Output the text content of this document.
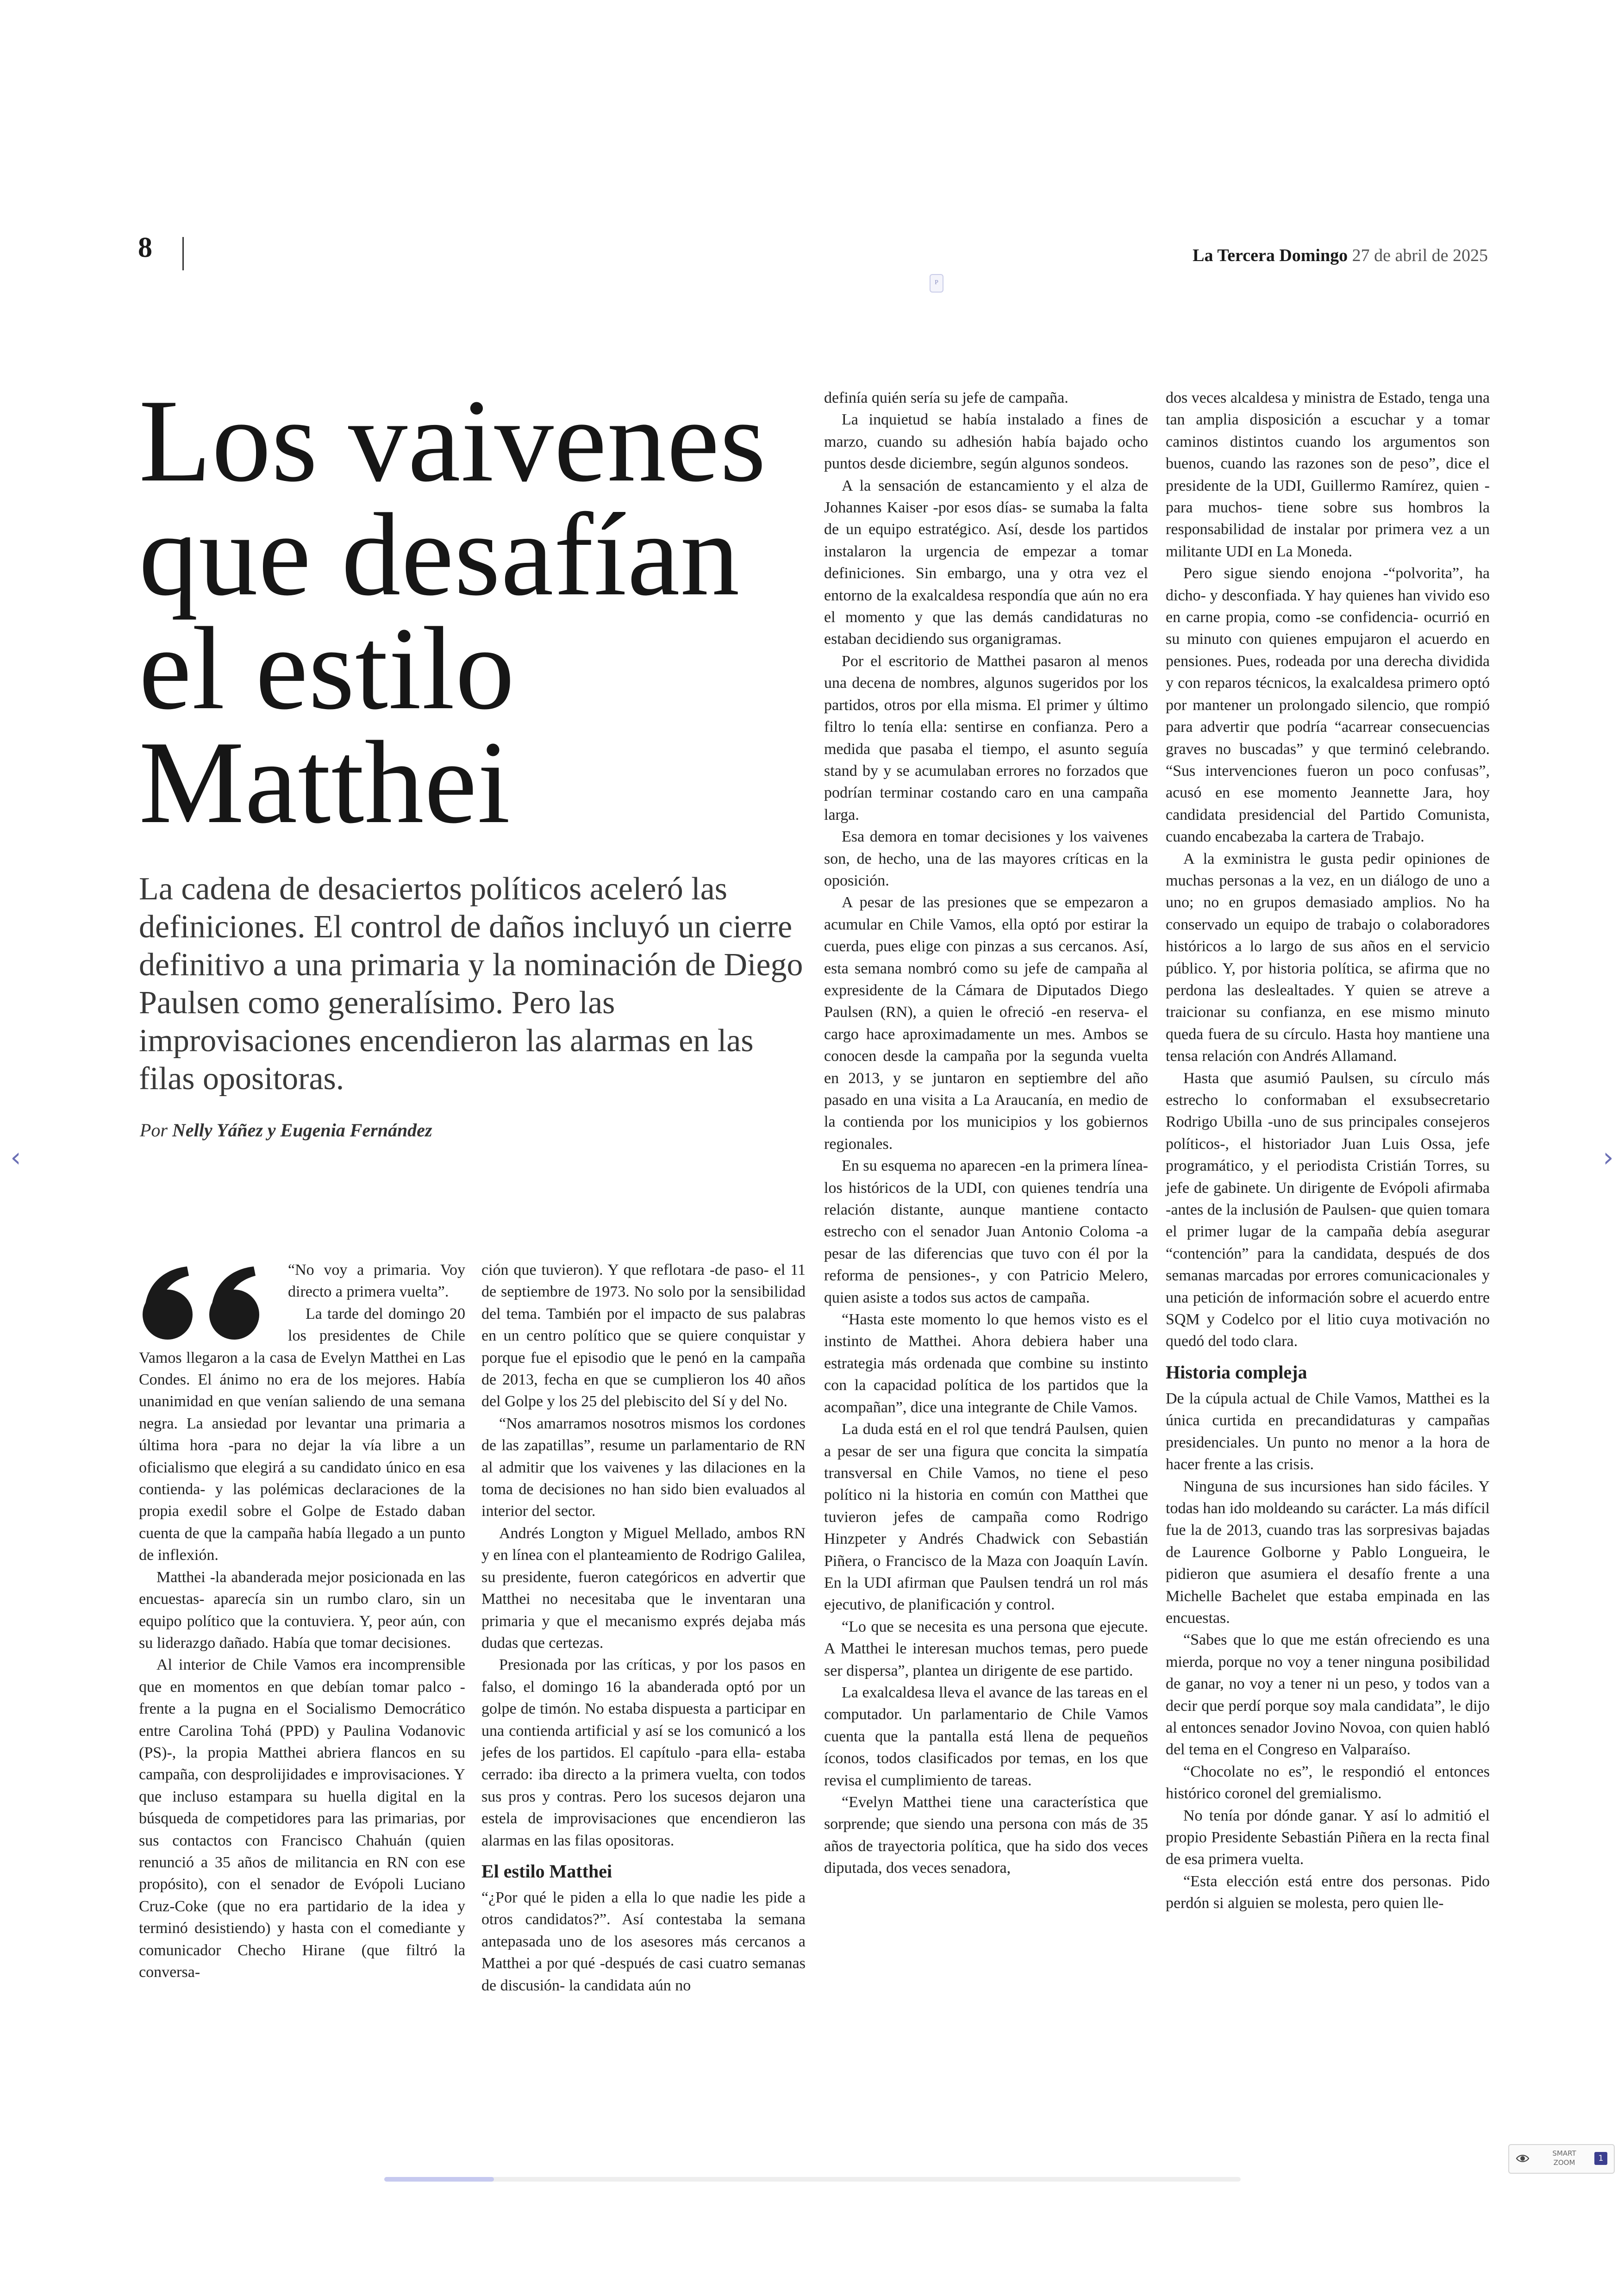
8	La Tercera Domingo 27 de abril de 2025
P
Los vaivenes que desafían el estilo Matthei

La cadena de desaciertos políticos aceleró las definiciones. El control de daños incluyó un cierre definitivo a una primaria y la nominación de Diego Paulsen como generalísimo. Pero las improvisaciones encendieron las alarmas en las filas opositoras.

Por Nelly Yáñez y Eugenia Fernández

“No voy a primaria. Voy directo a primera vuelta”.

La tarde del domingo 20 los presidentes de Chile Vamos llegaron a la casa de Evelyn Matthei en Las Condes. El ánimo no era de los mejores. Había unanimidad en que venían saliendo de una semana negra. La ansiedad por levantar una primaria a última hora -para no dejar la vía libre a un oficialismo que elegirá a su candidato único en esa contienda- y las polémicas declaraciones de la propia exedil sobre el Golpe de Estado daban cuenta de que la campaña había llegado a un punto de inflexión.

Matthei -la abanderada mejor posicionada en las encuestas- aparecía sin un rumbo claro, sin un equipo político que la contuviera. Y, peor aún, con su liderazgo dañado. Había que tomar decisiones.

Al interior de Chile Vamos era incomprensible que en momentos en que debían tomar palco -frente a la pugna en el Socialismo Democrático entre Carolina Tohá (PPD) y Paulina Vodanovic (PS)-, la propia Matthei abriera flancos en su campaña, con desprolijidades e improvisaciones. Y que incluso estampara su huella digital en la búsqueda de competidores para las primarias, por sus contactos con Francisco Chahuán (quien renunció a 35 años de militancia en RN con ese propósito), con el senador de Evópoli Luciano Cruz-Coke (que no era partidario de la idea y terminó desistiendo) y hasta con el comediante y comunicador Checho Hirane (que filtró la conversa-

ción que tuvieron). Y que reflotara -de paso- el 11 de septiembre de 1973. No solo por la sensibilidad del tema. También por el impacto de sus palabras en un centro político que se quiere conquistar y porque fue el episodio que le penó en la campaña de 2013, fecha en que se cumplieron los 40 años del Golpe y los 25 del plebiscito del Sí y del No.

“Nos amarramos nosotros mismos los cordones de las zapatillas”, resume un parlamentario de RN al admitir que los vaivenes y las dilaciones en la toma de decisiones no han sido bien evaluados al interior del sector.

Andrés Longton y Miguel Mellado, ambos RN y en línea con el planteamiento de Rodrigo Galilea, su presidente, fueron categóricos en advertir que Matthei no necesitaba que le inventaran una primaria y que el mecanismo exprés dejaba más dudas que certezas.

Presionada por las críticas, y por los pasos en falso, el domingo 16 la abanderada optó por un golpe de timón. No estaba dispuesta a participar en una contienda artificial y así se los comunicó a los jefes de los partidos. El capítulo -para ella- estaba cerrado: iba directo a la primera vuelta, con todos sus pros y contras. Pero los sucesos dejaron una estela de improvisaciones que encendieron las alarmas en las filas opositoras.

El estilo Matthei

“¿Por qué le piden a ella lo que nadie les pide a otros candidatos?”. Así contestaba la semana antepasada uno de los asesores más cercanos a Matthei a por qué -después de casi cuatro semanas de discusión- la candidata aún no

definía quién sería su jefe de campaña.

La inquietud se había instalado a fines de marzo, cuando su adhesión había bajado ocho puntos desde diciembre, según algunos sondeos.

A la sensación de estancamiento y el alza de Johannes Kaiser -por esos días- se sumaba la falta de un equipo estratégico. Así, desde los partidos instalaron la urgencia de empezar a tomar definiciones. Sin embargo, una y otra vez el entorno de la exalcaldesa respondía que aún no era el momento y que las demás candidaturas no estaban decidiendo sus organigramas.

Por el escritorio de Matthei pasaron al menos una decena de nombres, algunos sugeridos por los partidos, otros por ella misma. El primer y último filtro lo tenía ella: sentirse en confianza. Pero a medida que pasaba el tiempo, el asunto seguía stand by y se acumulaban errores no forzados que podrían terminar costando caro en una campaña larga.

Esa demora en tomar decisiones y los vaivenes son, de hecho, una de las mayores críticas en la oposición.

A pesar de las presiones que se empezaron a acumular en Chile Vamos, ella optó por estirar la cuerda, pues elige con pinzas a sus cercanos. Así, esta semana nombró como su jefe de campaña al expresidente de la Cámara de Diputados Diego Paulsen (RN), a quien le ofreció -en reserva- el cargo hace aproximadamente un mes. Ambos se conocen desde la campaña por la segunda vuelta en 2013, y se juntaron en septiembre del año pasado en una visita a La Araucanía, en medio de la contienda por los municipios y los gobiernos regionales.

En su esquema no aparecen -en la primera línea- los históricos de la UDI, con quienes tendría una relación distante, aunque mantiene contacto estrecho con el senador Juan Antonio Coloma -a pesar de las diferencias que tuvo con él por la reforma de pensiones-, y con Patricio Melero, quien asiste a todos sus actos de campaña.

“Hasta este momento lo que hemos visto es el instinto de Matthei. Ahora debiera haber una estrategia más ordenada que combine su instinto con la capacidad política de los partidos que la acompañan”, dice una integrante de Chile Vamos.

La duda está en el rol que tendrá Paulsen, quien a pesar de ser una figura que concita la simpatía transversal en Chile Vamos, no tiene el peso político ni la historia en común con Matthei que tuvieron jefes de campaña como Rodrigo Hinzpeter y Andrés Chadwick con Sebastián Piñera, o Francisco de la Maza con Joaquín Lavín. En la UDI afirman que Paulsen tendrá un rol más ejecutivo, de planificación y control.

“Lo que se necesita es una persona que ejecute. A Matthei le interesan muchos temas, pero puede ser dispersa”, plantea un dirigente de ese partido.

La exalcaldesa lleva el avance de las tareas en el computador. Un parlamentario de Chile Vamos cuenta que la pantalla está llena de pequeños íconos, todos clasificados por temas, en los que revisa el cumplimiento de tareas.

“Evelyn Matthei tiene una característica que sorprende; que siendo una persona con más de 35 años de trayectoria política, que ha sido dos veces diputada, dos veces senadora,

dos veces alcaldesa y ministra de Estado, tenga una tan amplia disposición a escuchar y a tomar caminos distintos cuando los argumentos son buenos, cuando las razones son de peso”, dice el presidente de la UDI, Guillermo Ramírez, quien -para muchos- tiene sobre sus hombros la responsabilidad de instalar por primera vez a un militante UDI en La Moneda.

Pero sigue siendo enojona -“polvorita”, ha dicho- y desconfiada. Y hay quienes han vivido eso en carne propia, como -se confidencia- ocurrió en su minuto con quienes empujaron el acuerdo en pensiones. Pues, rodeada por una derecha dividida y con reparos técnicos, la exalcaldesa primero optó por mantener un prolongado silencio, que rompió para advertir que podría “acarrear consecuencias graves no buscadas” y que terminó celebrando. “Sus intervenciones fueron un poco confusas”, acusó en ese momento Jeannette Jara, hoy candidata presidencial del Partido Comunista, cuando encabezaba la cartera de Trabajo.

A la exministra le gusta pedir opiniones de muchas personas a la vez, en un diálogo de uno a uno; no en grupos demasiado amplios. No ha conservado un equipo de trabajo o colaboradores históricos a lo largo de sus años en el servicio público. Y, por historia política, se afirma que no perdona las deslealtades. Y quien se atreve a traicionar su confianza, en ese mismo minuto queda fuera de su círculo. Hasta hoy mantiene una tensa relación con Andrés Allamand.

Hasta que asumió Paulsen, su círculo más estrecho lo conformaban el exsubsecretario Rodrigo Ubilla -uno de sus principales consejeros políticos-, el historiador Juan Luis Ossa, jefe programático, y el periodista Cristián Torres, su jefe de gabinete. Un dirigente de Evópoli afirmaba -antes de la inclusión de Paulsen- que quien tomara el primer lugar de la campaña debía asegurar “contención” para la candidata, después de dos semanas marcadas por errores comunicacionales y una petición de información sobre el acuerdo entre SQM y Codelco por el litio cuya motivación no quedó del todo clara.

Historia compleja

De la cúpula actual de Chile Vamos, Matthei es la única curtida en precandidaturas y campañas presidenciales. Un punto no menor a la hora de hacer frente a las crisis.

Ninguna de sus incursiones han sido fáciles. Y todas han ido moldeando su carácter. La más difícil fue la de 2013, cuando tras las sorpresivas bajadas de Laurence Golborne y Pablo Longueira, le pidieron que asumiera el desafío frente a una Michelle Bachelet que estaba empinada en las encuestas.

“Sabes que lo que me están ofreciendo es una mierda, porque no voy a tener ninguna posibilidad de ganar, no voy a tener ni un peso, y todos van a decir que perdí porque soy mala candidata”, le dijo al entonces senador Jovino Novoa, con quien habló del tema en el Congreso en Valparaíso.

“Chocolate no es”, le respondió el entonces histórico coronel del gremialismo.

No tenía por dónde ganar. Y así lo admitió el propio Presidente Sebastián Piñera en la recta final de esa primera vuelta.

“Esta elección está entre dos personas. Pido perdón si alguien se molesta, pero quien lle-

‹	›
SMART ZOOM	1
